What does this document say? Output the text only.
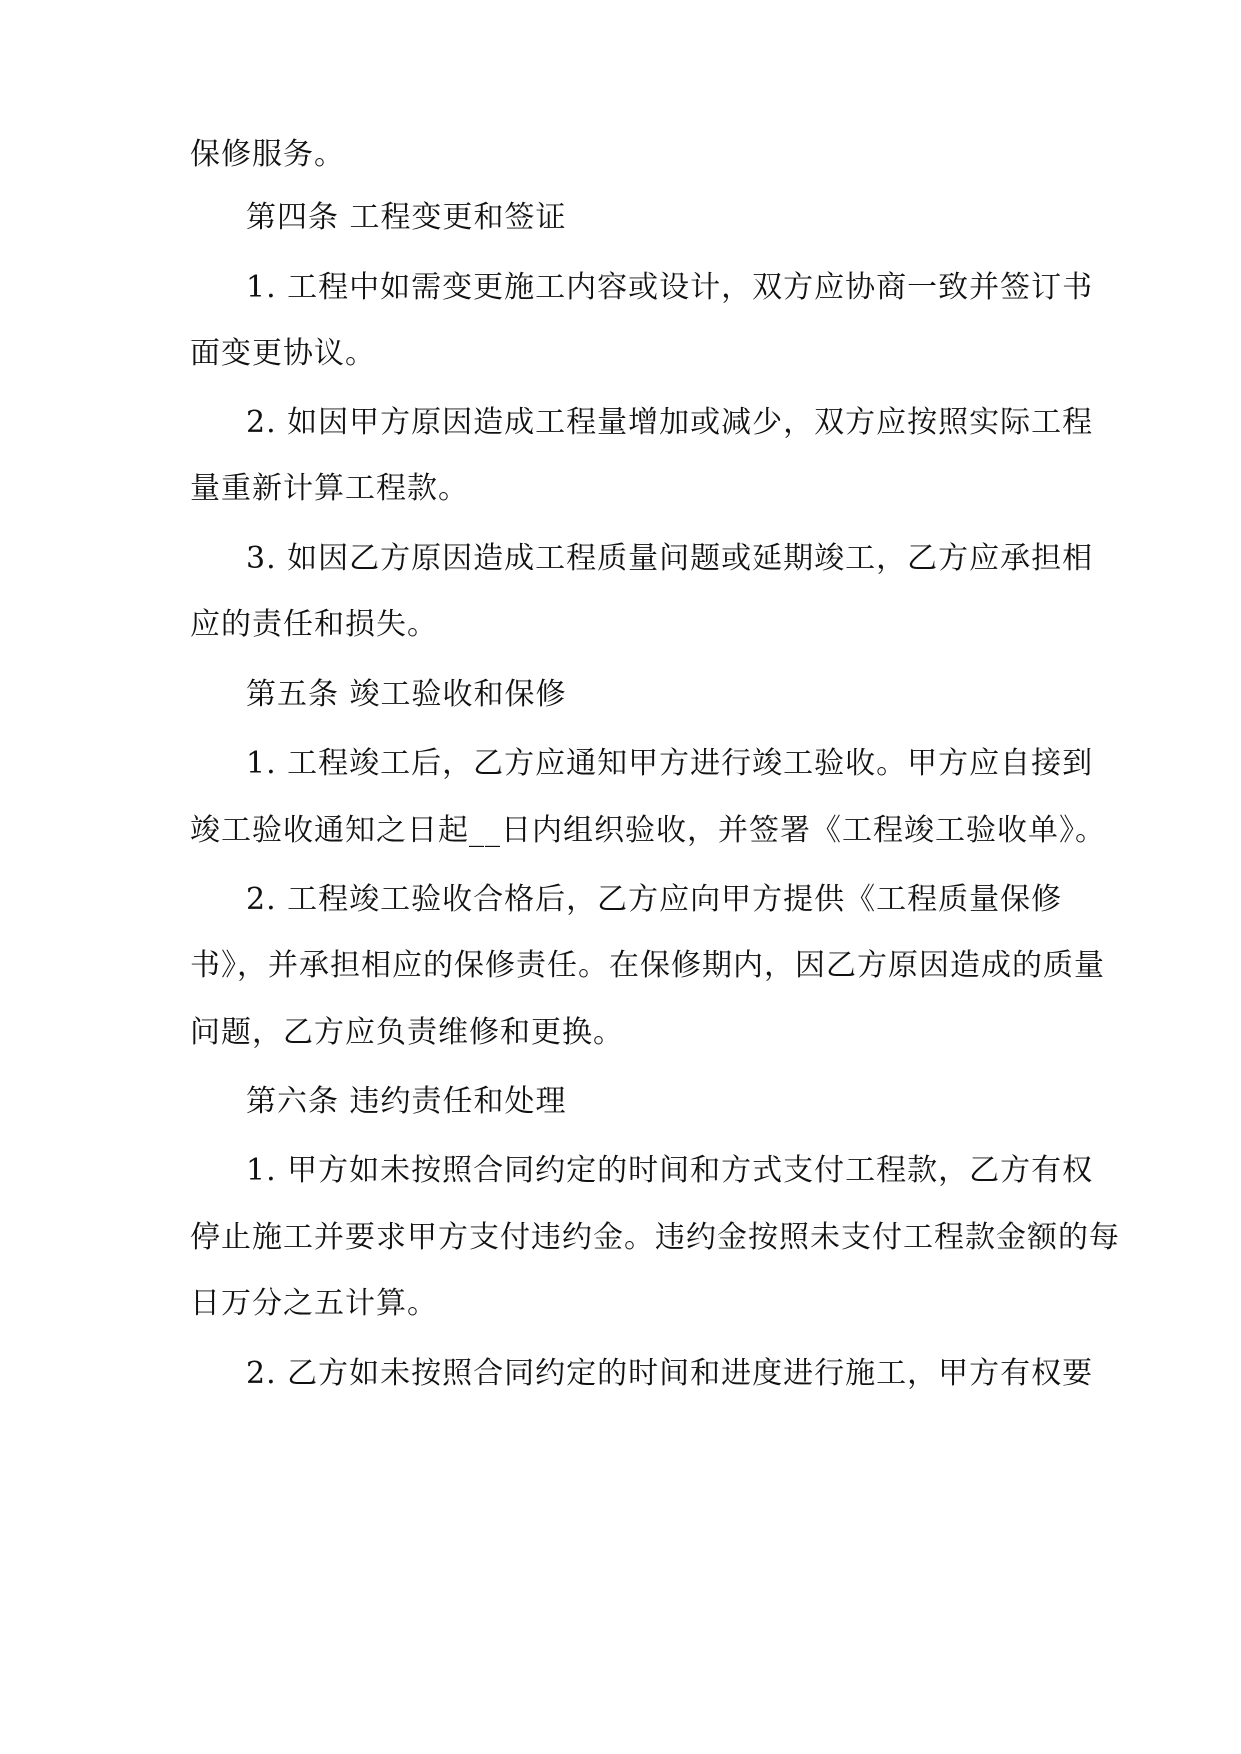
保修服务。
第四条 工程变更和签证
1. 工程中如需变更施工内容或设计，双方应协商一致并签订书
面变更协议。
2. 如因甲方原因造成工程量增加或减少，双方应按照实际工程
量重新计算工程款。
3. 如因乙方原因造成工程质量问题或延期竣工，乙方应承担相
应的责任和损失。
第五条 竣工验收和保修
1. 工程竣工后，乙方应通知甲方进行竣工验收。甲方应自接到
竣工验收通知之日起__日内组织验收，并签署《工程竣工验收单》。
2. 工程竣工验收合格后，乙方应向甲方提供《工程质量保修
书》，并承担相应的保修责任。在保修期内，因乙方原因造成的质量
问题，乙方应负责维修和更换。
第六条 违约责任和处理
1. 甲方如未按照合同约定的时间和方式支付工程款，乙方有权
停止施工并要求甲方支付违约金。违约金按照未支付工程款金额的每
日万分之五计算。
2. 乙方如未按照合同约定的时间和进度进行施工，甲方有权要
